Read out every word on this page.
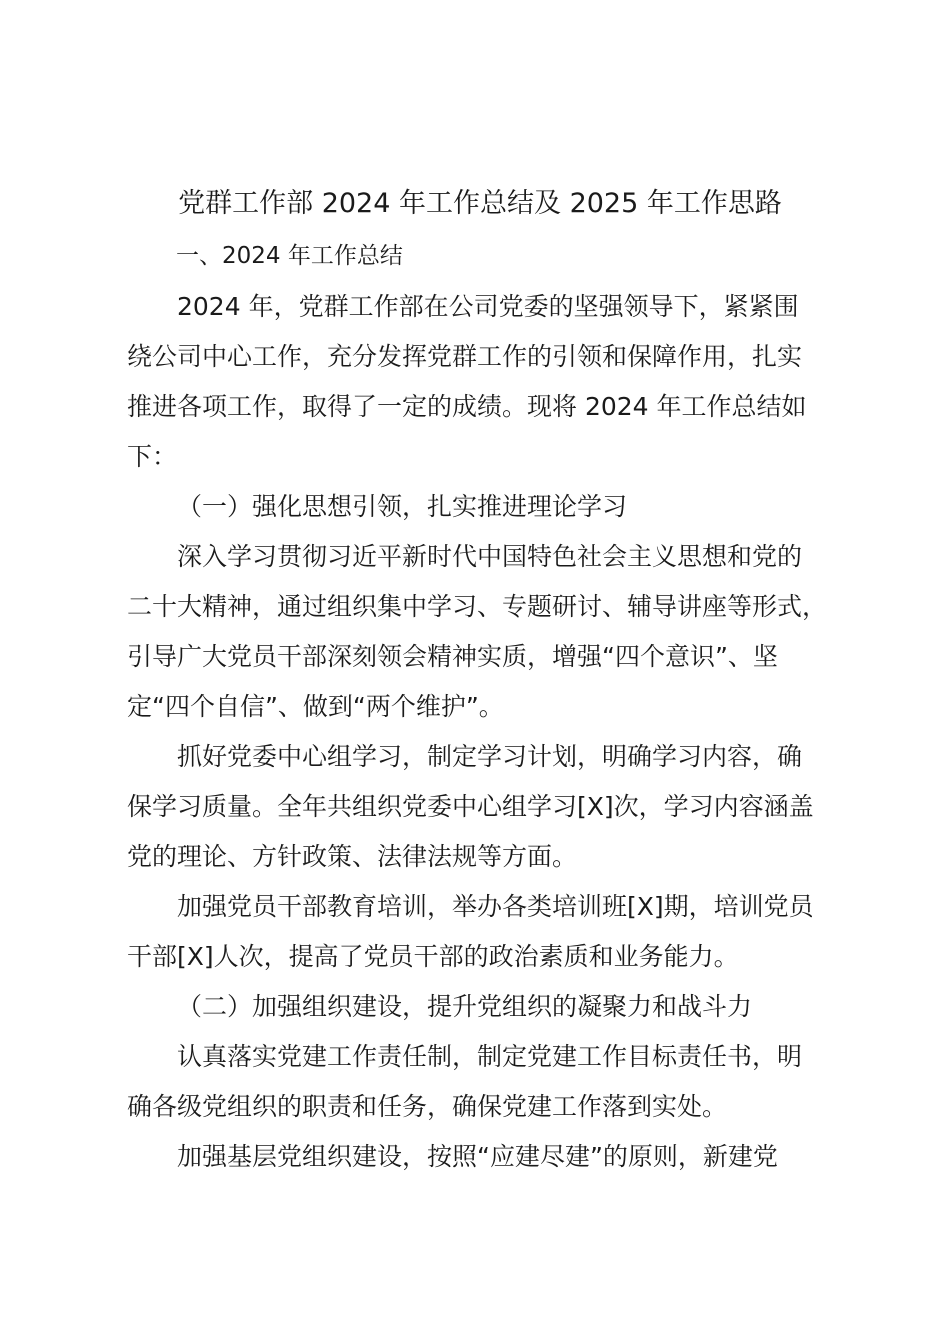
党群工作部 2024 年工作总结及 2025 年工作思路
一、2024 年工作总结
2024 年，党群工作部在公司党委的坚强领导下，紧紧围
绕公司中心工作，充分发挥党群工作的引领和保障作用，扎实
推进各项工作，取得了一定的成绩。现将 2024 年工作总结如
下：
（一）强化思想引领，扎实推进理论学习
深入学习贯彻习近平新时代中国特色社会主义思想和党的
二十大精神，通过组织集中学习、专题研讨、辅导讲座等形式，
引导广大党员干部深刻领会精神实质，增强“四个意识”、坚
定“四个自信”、做到“两个维护”。
抓好党委中心组学习，制定学习计划，明确学习内容，确
保学习质量。全年共组织党委中心组学习[X]次，学习内容涵盖
党的理论、方针政策、法律法规等方面。
加强党员干部教育培训，举办各类培训班[X]期，培训党员
干部[X]人次，提高了党员干部的政治素质和业务能力。
（二）加强组织建设，提升党组织的凝聚力和战斗力
认真落实党建工作责任制，制定党建工作目标责任书，明
确各级党组织的职责和任务，确保党建工作落到实处。
加强基层党组织建设，按照“应建尽建”的原则，新建党
